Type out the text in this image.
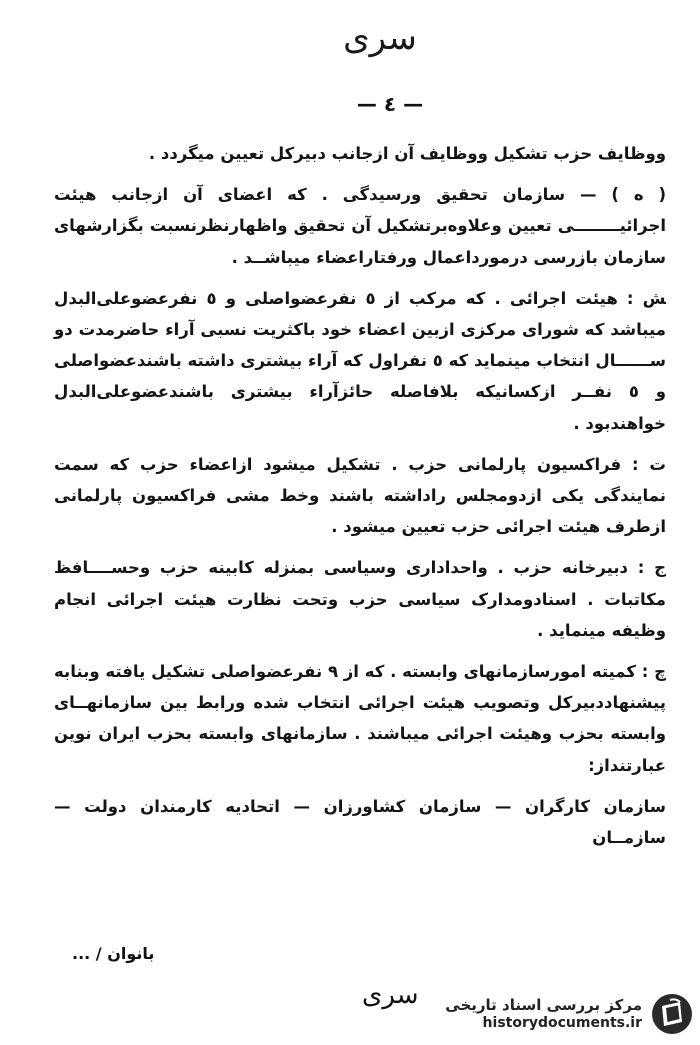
سری
— ٤ —

ووظایف حزب تشکیل ووظایف آن ازجانب دبیرکل تعیین میگردد .

( ه ) — سازمان تحقیق ورسیدگی . که اعضای آن ازجانب هیئت اجرائیــــــــی تعیین وعلاوه‌برتشکیل آن تحقیق واظهارنظرنسبت بگزارشهای سازمان بازرسی درمورداعمال ورفتاراعضاء میباشــد .

ﺶ : هیئت اجرائی . که مرکب از ٥ نفرعضواصلی و ٥ نفرعضوعلی‌البدل میباشد که شورای مرکزی ازبین اعضاء خود باکثریت نسبی آراء حاضرمدت دو ســــــال انتخاب مینماید که ٥ نفراول که آراء بیشتری داشته باشندعضواصلی و ٥ نفــر ازکسانیکه بلافاصله حائزآراء بیشتری باشندعضوعلی‌البدل خواهندبود .

ت : فراکسیون پارلمانی حزب . تشکیل میشود ازاعضاء حزب که سمت نمایندگی یکی ازدومجلس راداشته باشند وخط مشی فراکسیون پارلمانی ازطرف هیئت اجرائی حزب تعیین میشود .

ج : دبیرخانه حزب . واحداداری وسیاسی بمنزله کابینه حزب وحســــافظ مکاتبات . اسنادومدارک سیاسی حزب وتحت نظارت هیئت اجرائی انجام وظیفه مینماید .

چ : کمیته امورسازمانهای وابسته . که از ٩ نفرعضواصلی تشکیل یافته وبنابه پیشنهاددبیرکل وتصویب هیئت اجرائی انتخاب شده ورابط بین سازمانهــای وابسته بحزب وهیئت اجرائی میباشند . سازمانهای وابسته بحزب ایران نوین عبارتنداز:

سازمان کارگران — سازمان کشاورزان — اتحادیه کارمندان دولت — سازمــان

بانوان / ...
سری مرکز بررسی اسناد تاریخی
historydocuments.ir
